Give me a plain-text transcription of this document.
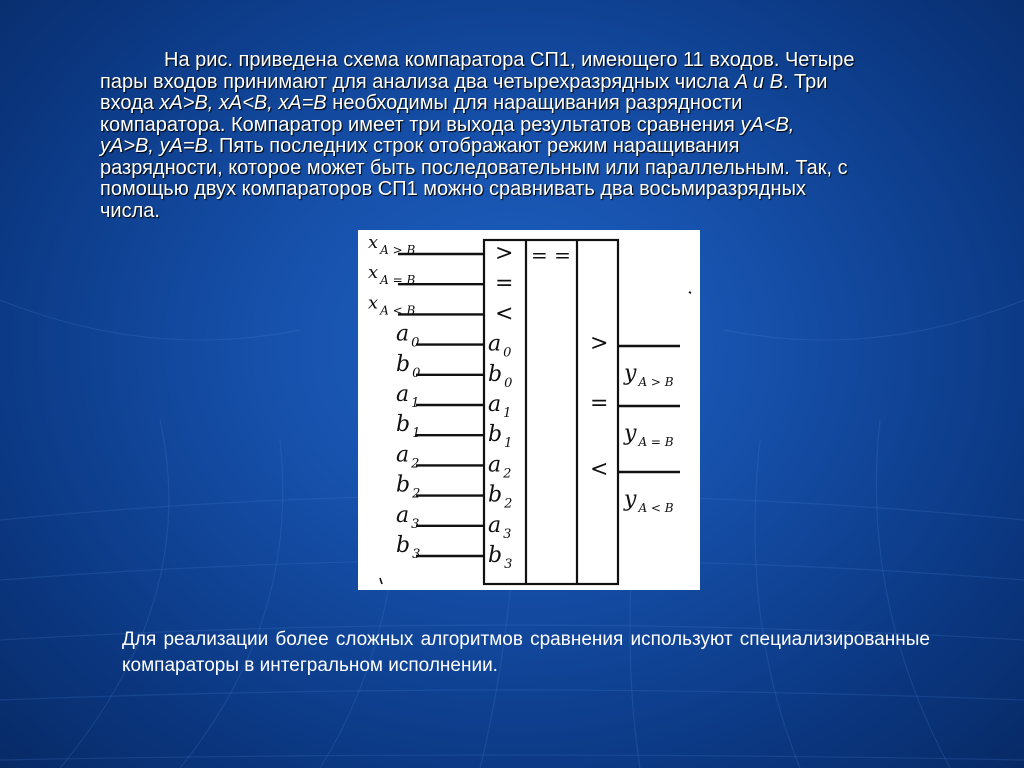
На рис. приведена схема компаратора СП1, имеющего 11 входов. Четыре
пары входов принимают для анализа два четырехразрядных числа A и B. Три
входа xA>B, xA<B, xA=B необходимы для наращивания разрядности
компаратора. Компаратор имеет три выхода результатов сравнения yA<B,
yA>B, yA=B. Пять последних строк отображают режим наращивания
разрядности, которое может быть последовательным или параллельным. Так, с
помощью двух компараторов СП1 можно сравнивать два восьмиразрядных
числа.
x $_{A > B}$	>
x $_{A = B}$	=
x $_{A < B}$	<
a $_0$	a $_0$
b $_0$	b $_0$
a $_1$	a $_1$
b $_1$	b $_1$
a $_2$	a $_2$
b $_2$	b $_2$
a $_3$	a $_3$
b $_3$	b $_3$
>
y $_{A > B}$
=
y $_{A = B}$
<
y $_{A < B}$
= =
Для реализации более сложных алгоритмов сравнения используют специализированные компараторы в интегральном исполнении.
